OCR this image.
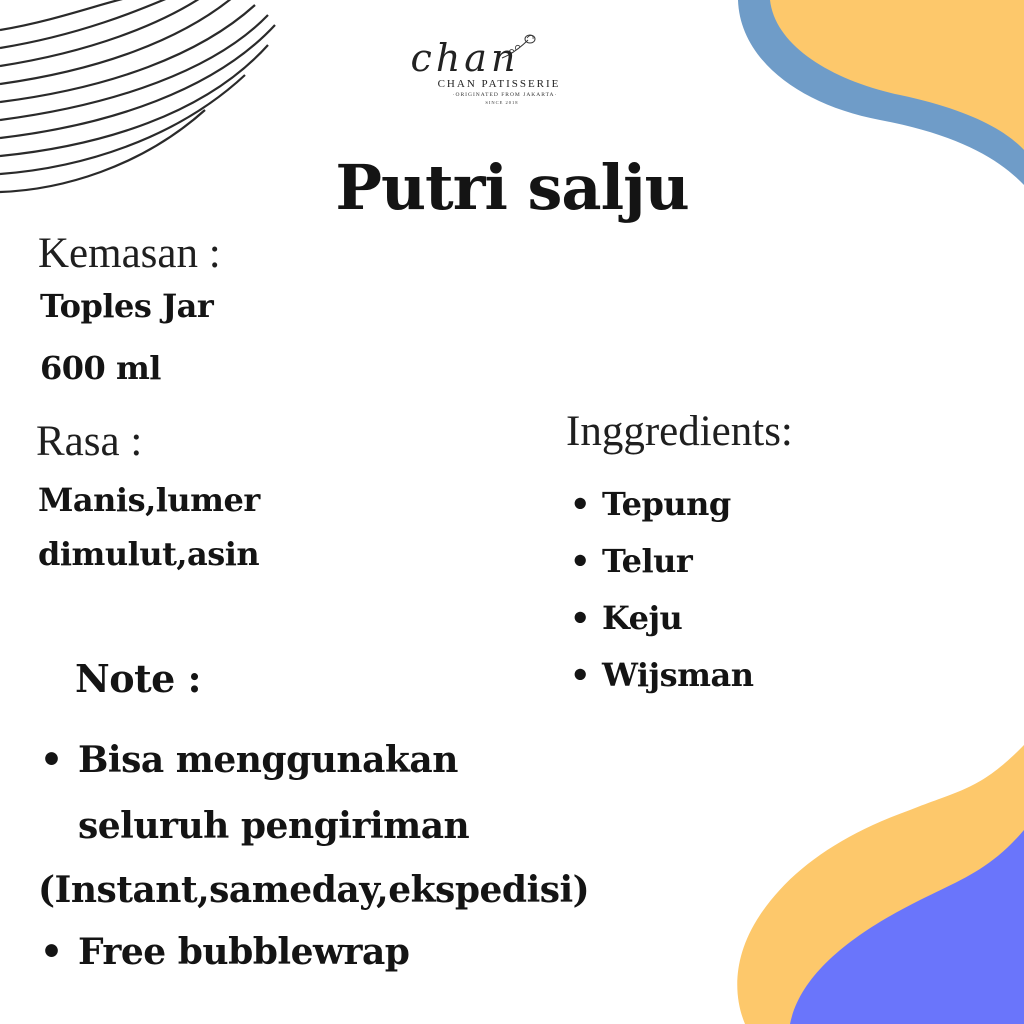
chan
CHAN PATISSERIE
·ORIGINATED FROM JAKARTA·
SINCE 2018
Putri salju
Kemasan :
Toples Jar
600 ml
Rasa :
Manis,lumer
dimulut,asin
Inggredients:
• Tepung
• Telur
• Keju
• Wijsman
Note :
• Bisa menggunakan
seluruh pengiriman
(Instant,sameday,ekspedisi)
• Free bubblewrap
